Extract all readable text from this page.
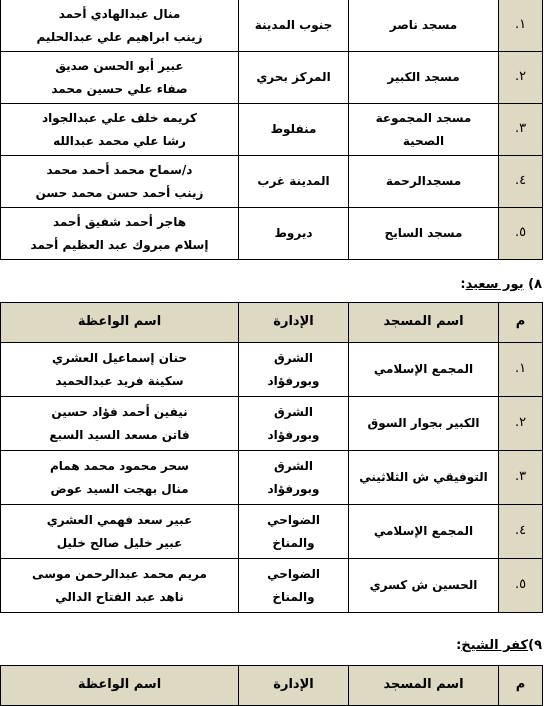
١.	مسجد ناصر	جنوب المدينة	منال عبدالهادي أحمد
زينب ابراهيم علي عبدالحليم

٢.	مسجد الكبير	المركز بحري	عبير أبو الحسن صديق
صفاء علي حسين محمد

٣.	مسجد المجموعة الصحية	منفلوط	كريمه خلف علي عبدالجواد
رشا علي محمد عبدالله

٤.	مسجدالرحمة	المدينة غرب	د/سماح محمد أحمد محمد
زينب أحمد حسن محمد حسن

٥.	مسجد السايح	ديروط	هاجر أحمد شفيق أحمد
إسلام مبروك عبد العظيم أحمد
٨) بور سعيد:
م	اسم المسجد	الإدارة	اسم الواعظة
١.	المجمع الإسلامي	الشرق
وبورفؤاد	حنان إسماعيل العشري
سكينة فريد عبدالحميد

٢.	الكبير بجوار السوق	الشرق
وبورفؤاد	نيفين أحمد فؤاد حسين
فاتن مسعد السيد السبع

٣.	التوفيقي ش الثلاثيني	الشرق
وبورفؤاد	سحر محمود محمد همام
منال بهجت السيد عوض

٤.	المجمع الإسلامي	الضواحي
والمناخ	عبير سعد فهمي العشري
عبير خليل صالح خليل

٥.	الحسين ش كسري	الضواحي
والمناخ	مريم محمد عبدالرحمن موسى
ناهد عبد الفتاح الدالي
٩)كفر الشيخ:
م	اسم المسجد	الإدارة	اسم الواعظة
